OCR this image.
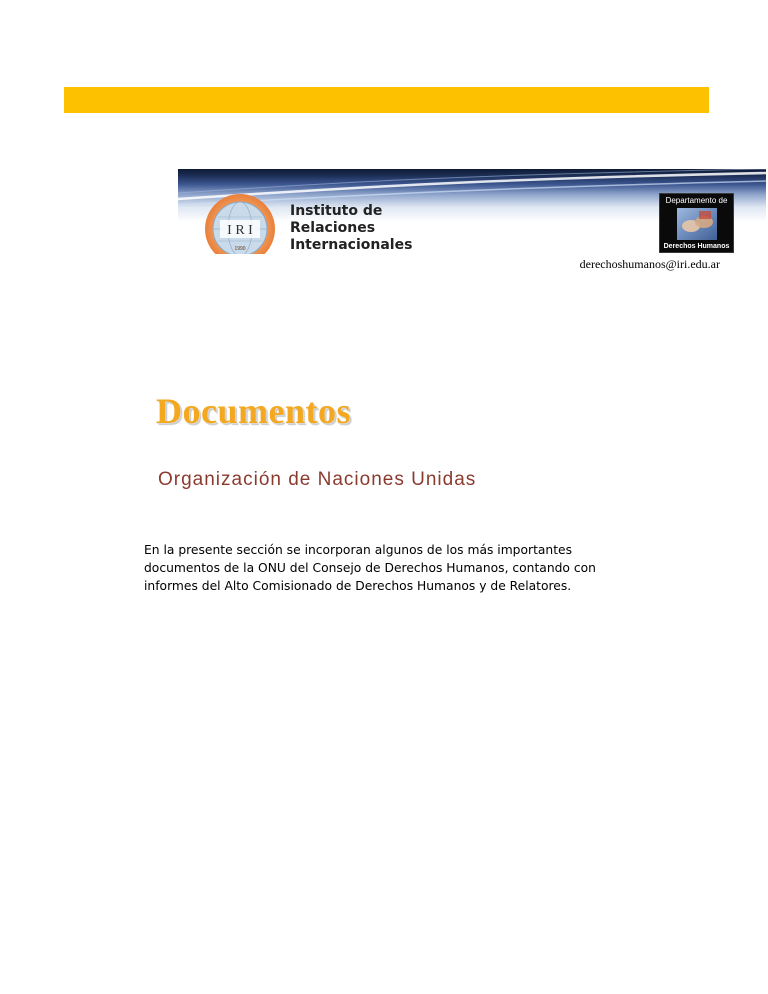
I R I
1990

Instituto de
Relaciones
Internacionales

Departamento de
Derechos Humanos
derechoshumanos@iri.edu.ar
Documentos
Organización de Naciones Unidas

En la presente sección se incorporan algunos de los más importantes
documentos de la ONU del Consejo de Derechos Humanos, contando con
informes del Alto Comisionado de Derechos Humanos y de Relatores.
